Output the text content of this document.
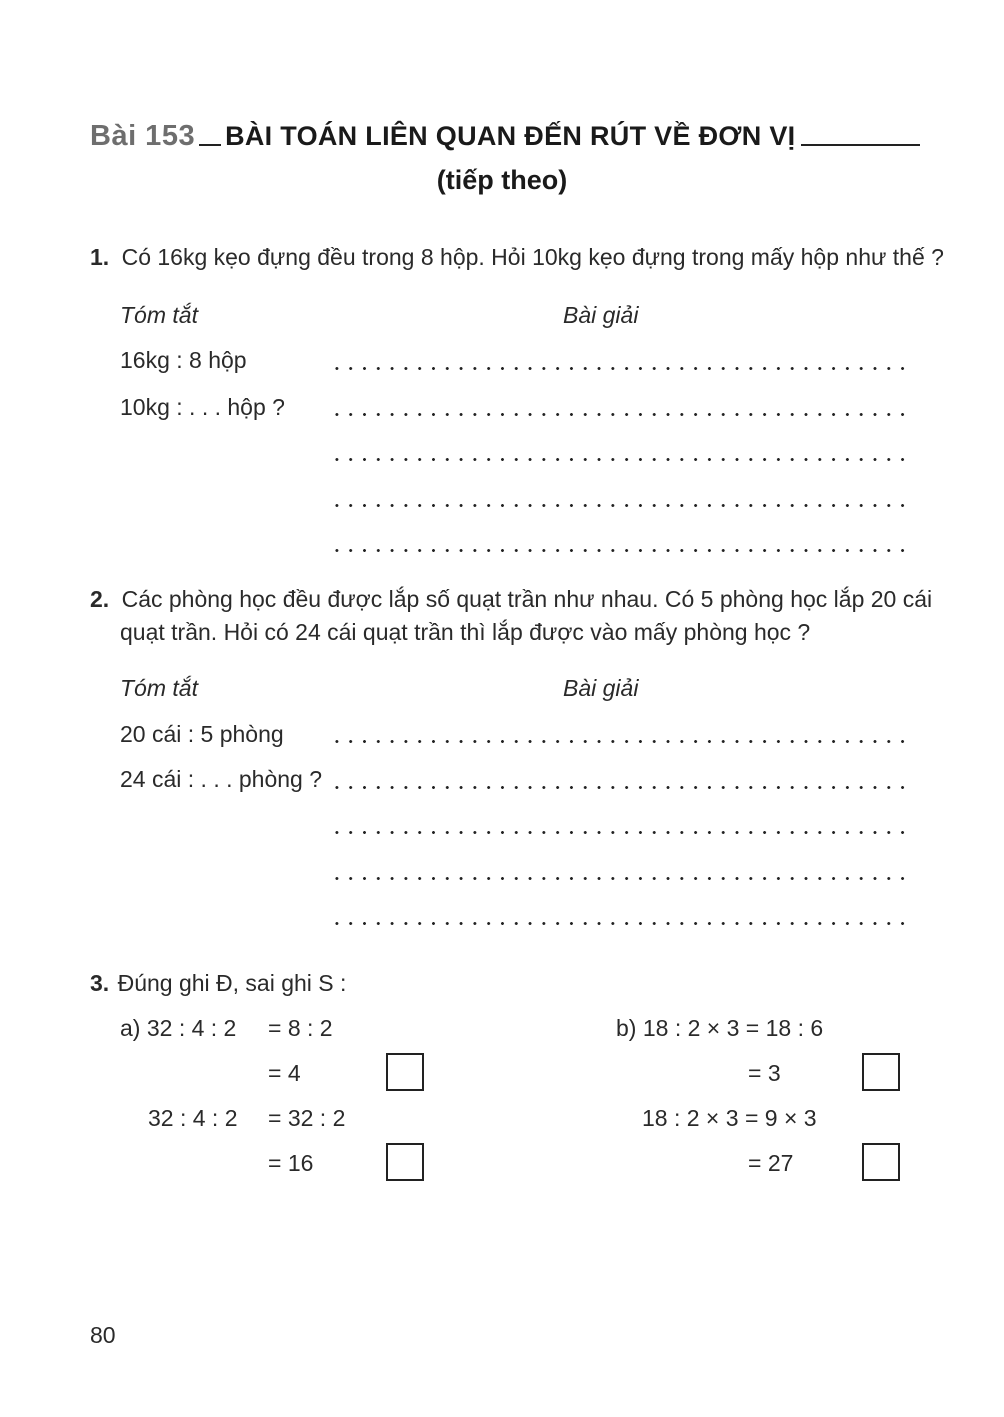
Bài 153 BÀI TOÁN LIÊN QUAN ĐẾN RÚT VỀ ĐƠN VỊ
(tiếp theo)
1. Có 16kg kẹo đựng đều trong 8 hộp. Hỏi 10kg kẹo đựng trong mấy hộp như thế ?
Tóm tắt	Bài giải
16kg : 8 hộp
10kg : . . . hộp ?
2. Các phòng học đều được lắp số quạt trần như nhau. Có 5 phòng học lắp 20 cái
quạt trần. Hỏi có 24 cái quạt trần thì lắp được vào mấy phòng học ?
Tóm tắt	Bài giải
20 cái : 5 phòng
24 cái : . . . phòng ?
3. Đúng ghi Đ, sai ghi S :
a) 32 : 4 : 2 = 8 : 2
= 4
32 : 4 : 2 = 32 : 2
= 16
b) 18 : 2 × 3 = 18 : 6
= 3
18 : 2 × 3 = 9 × 3
= 27
80
